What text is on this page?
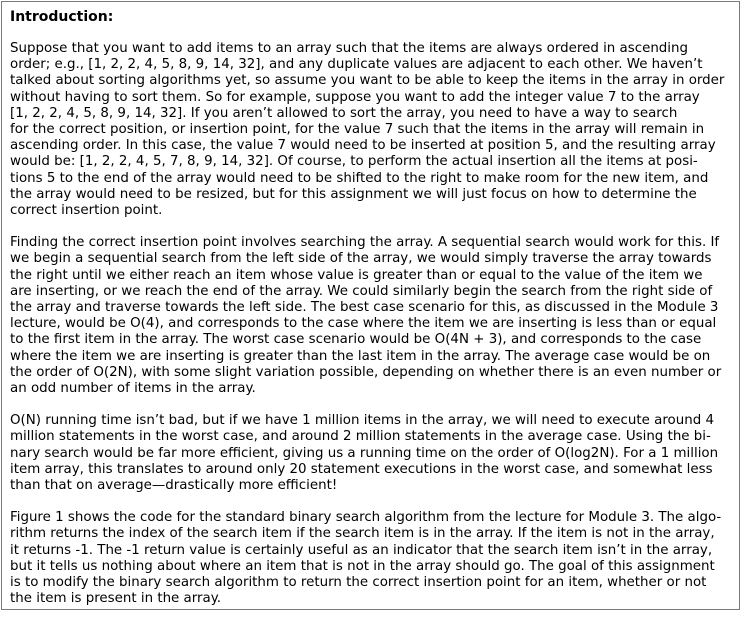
Introduction:
Suppose that you want to add items to an array such that the items are always ordered in ascending
order; e.g., [1, 2, 2, 4, 5, 8, 9, 14, 32], and any duplicate values are adjacent to each other. We haven’t
talked about sorting algorithms yet, so assume you want to be able to keep the items in the array in order
without having to sort them. So for example, suppose you want to add the integer value 7 to the array
[1, 2, 2, 4, 5, 8, 9, 14, 32]. If you aren’t allowed to sort the array, you need to have a way to search
for the correct position, or insertion point, for the value 7 such that the items in the array will remain in
ascending order. In this case, the value 7 would need to be inserted at position 5, and the resulting array
would be: [1, 2, 2, 4, 5, 7, 8, 9, 14, 32]. Of course, to perform the actual insertion all the items at posi-
tions 5 to the end of the array would need to be shifted to the right to make room for the new item, and
the array would need to be resized, but for this assignment we will just focus on how to determine the
correct insertion point.
Finding the correct insertion point involves searching the array. A sequential search would work for this. If
we begin a sequential search from the left side of the array, we would simply traverse the array towards
the right until we either reach an item whose value is greater than or equal to the value of the item we
are inserting, or we reach the end of the array. We could similarly begin the search from the right side of
the array and traverse towards the left side. The best case scenario for this, as discussed in the Module 3
lecture, would be O(4), and corresponds to the case where the item we are inserting is less than or equal
to the first item in the array. The worst case scenario would be O(4N + 3), and corresponds to the case
where the item we are inserting is greater than the last item in the array. The average case would be on
the order of O(2N), with some slight variation possible, depending on whether there is an even number or
an odd number of items in the array.
O(N) running time isn’t bad, but if we have 1 million items in the array, we will need to execute around 4
million statements in the worst case, and around 2 million statements in the average case. Using the bi-
nary search would be far more efficient, giving us a running time on the order of O(log2N). For a 1 million
item array, this translates to around only 20 statement executions in the worst case, and somewhat less
than that on average—drastically more efficient!
Figure 1 shows the code for the standard binary search algorithm from the lecture for Module 3. The algo-
rithm returns the index of the search item if the search item is in the array. If the item is not in the array,
it returns -1. The -1 return value is certainly useful as an indicator that the search item isn’t in the array,
but it tells us nothing about where an item that is not in the array should go. The goal of this assignment
is to modify the binary search algorithm to return the correct insertion point for an item, whether or not
the item is present in the array.
